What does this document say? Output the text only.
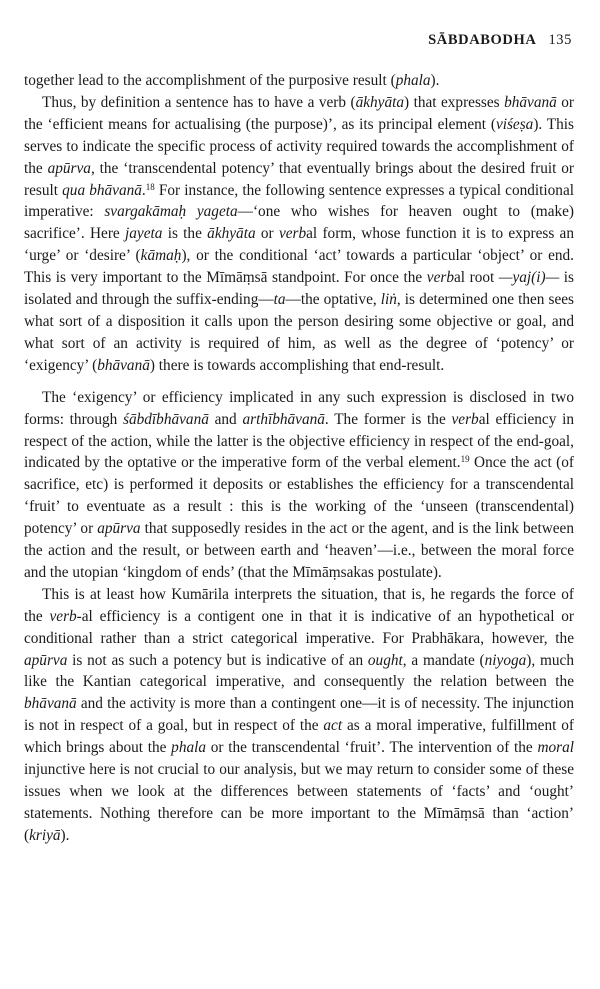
SĀBDABODHA 135

together lead to the accomplishment of the purposive result (phala).

Thus, by definition a sentence has to have a verb (ākhyāta) that expresses bhāvanā or the ‘efficient means for actualising (the purpose)’, as its principal element (viśeṣa). This serves to indicate the specific process of activity required towards the accomplishment of the apūrva, the ‘transcendental potency’ that eventually brings about the desired fruit or result qua bhāvanā.$^{18}$ For instance, the following sentence expresses a typical conditional imperative: svargakāmaḥ yageta—‘one who wishes for heaven ought to (make) sacrifice’. Here jayeta is the ākhyāta or verbal form, whose function it is to express an ‘urge’ or ‘desire’ (kāmaḥ), or the conditional ‘act’ towards a particular ‘object’ or end. This is very important to the Mīmāṃsā standpoint. For once the verbal root —yaj(i)— is isolated and through the suffix-ending—ta—the optative, liṅ, is determined one then sees what sort of a disposition it calls upon the person desiring some objective or goal, and what sort of an activity is required of him, as well as the degree of ‘potency’ or ‘exigency’ (bhāvanā) there is towards accomplishing that end-result.

The ‘exigency’ or efficiency implicated in any such expression is disclosed in two forms: through śābdībhāvanā and arthībhāvanā. The former is the verbal efficiency in respect of the action, while the latter is the objective efficiency in respect of the end-goal, indicated by the optative or the imperative form of the verbal element.$^{19}$ Once the act (of sacrifice, etc) is performed it deposits or establishes the efficiency for a transcendental ‘fruit’ to eventuate as a result : this is the working of the ‘unseen (transcendental) potency’ or apūrva that supposedly resides in the act or the agent, and is the link between the action and the result, or between earth and ‘heaven’—i.e., between the moral force and the utopian ‘kingdom of ends’ (that the Mīmāṃsakas postulate).

This is at least how Kumārila interprets the situation, that is, he regards the force of the verb-al efficiency is a contigent one in that it is indicative of an hypothetical or conditional rather than a strict categorical imperative. For Prabhākara, however, the apūrva is not as such a potency but is indicative of an ought, a mandate (niyoga), much like the Kantian categorical imperative, and consequently the relation between the bhāvanā and the activity is more than a contingent one—it is of necessity. The injunction is not in respect of a goal, but in respect of the act as a moral imperative, fulfillment of which brings about the phala or the transcendental ‘fruit’. The intervention of the moral injunctive here is not crucial to our analysis, but we may return to consider some of these issues when we look at the differences between statements of ‘facts’ and ‘ought’ statements. Nothing therefore can be more important to the Mīmāṃsā than ‘action’ (kriyā).
